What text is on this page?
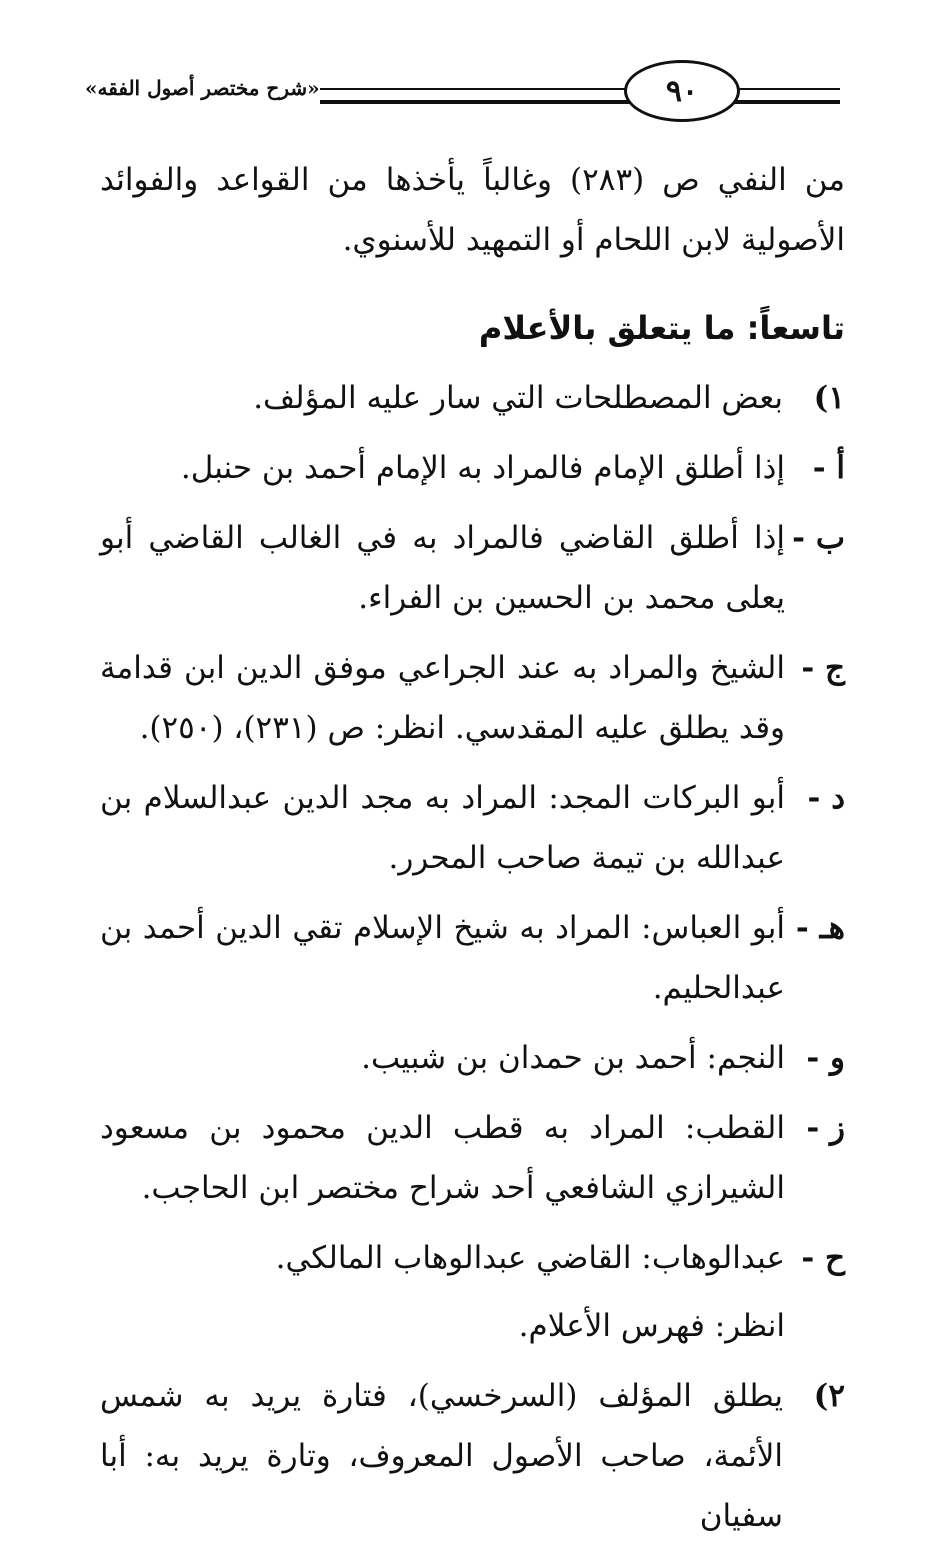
٩٠
«شرح مختصر أصول الفقه»

من النفي ص (٢٨٣) وغالباً يأخذها من القواعد والفوائد الأصولية لابن اللحام أو التمهيد للأسنوي.

تاسعاً: ما يتعلق بالأعلام
١)
بعض المصطلحات التي سار عليه المؤلف.
أ -
إذا أطلق الإمام فالمراد به الإمام أحمد بن حنبل.
ب -
إذا أطلق القاضي فالمراد به في الغالب القاضي أبو يعلى محمد بن الحسين بن الفراء.
ج -
الشيخ والمراد به عند الجراعي موفق الدين ابن قدامة وقد يطلق عليه المقدسي. انظر: ص (٢٣١)، (٢٥٠).
د -
أبو البركات المجد: المراد به مجد الدين عبدالسلام بن عبدالله بن تيمة صاحب المحرر.
هـ -
أبو العباس: المراد به شيخ الإسلام تقي الدين أحمد بن عبدالحليم.
و -
النجم: أحمد بن حمدان بن شبيب.
ز -
القطب: المراد به قطب الدين محمود بن مسعود الشيرازي الشافعي أحد شراح مختصر ابن الحاجب.
ح -
عبدالوهاب: القاضي عبدالوهاب المالكي.
انظر: فهرس الأعلام.
٢)
يطلق المؤلف (السرخسي)، فتارة يريد به شمس الأئمة، صاحب الأصول المعروف، وتارة يريد به: أبا سفيان
